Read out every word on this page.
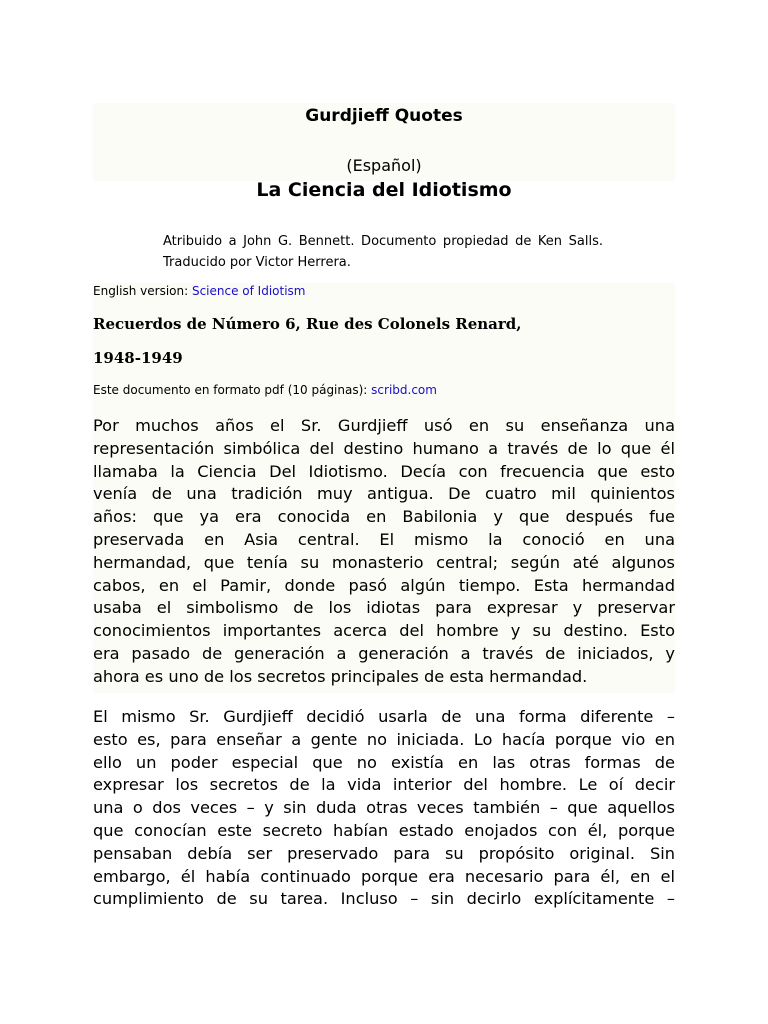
Gurdjieff Quotes
(Español)
La Ciencia del Idiotismo
Atribuido a John G. Bennett. Documento propiedad de Ken Salls. Traducido por Victor Herrera.
English version: Science of Idiotism
Recuerdos de Número 6, Rue des Colonels Renard,
1948-1949
Este documento en formato pdf (10 páginas): scribd.com
Por muchos años el Sr. Gurdjieff usó en su enseñanza una
representación simbólica del destino humano a través de lo que él
llamaba la Ciencia Del Idiotismo. Decía con frecuencia que esto
venía de una tradición muy antigua. De cuatro mil quinientos
años: que ya era conocida en Babilonia y que después fue
preservada en Asia central. El mismo la conoció en una
hermandad, que tenía su monasterio central; según até algunos
cabos, en el Pamir, donde pasó algún tiempo. Esta hermandad
usaba el simbolismo de los idiotas para expresar y preservar
conocimientos importantes acerca del hombre y su destino. Esto
era pasado de generación a generación a través de iniciados, y
ahora es uno de los secretos principales de esta hermandad.
El mismo Sr. Gurdjieff decidió usarla de una forma diferente –
esto es, para enseñar a gente no iniciada. Lo hacía porque vio en
ello un poder especial que no existía en las otras formas de
expresar los secretos de la vida interior del hombre. Le oí decir
una o dos veces – y sin duda otras veces también – que aquellos
que conocían este secreto habían estado enojados con él, porque
pensaban debía ser preservado para su propósito original. Sin
embargo, él había continuado porque era necesario para él, en el
cumplimiento de su tarea. Incluso – sin decirlo explícitamente –
